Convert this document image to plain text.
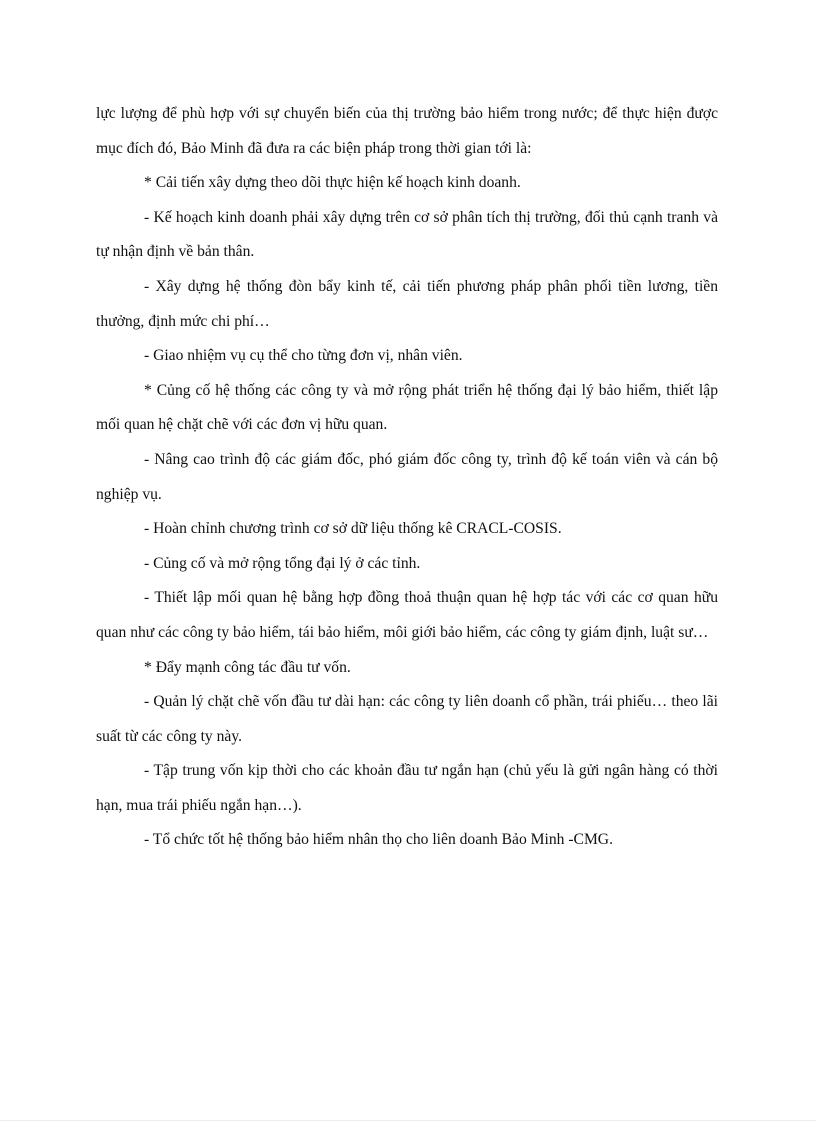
lực lượng để phù hợp với sự chuyển biến của thị trường bảo hiểm trong nước; để thực hiện được mục đích đó, Bảo Minh đã đưa ra các biện pháp trong thời gian tới là:

* Cải tiến xây dựng theo dõi thực hiện kế hoạch kinh doanh.

- Kế hoạch kinh doanh phải xây dựng trên cơ sở phân tích thị trường, đối thủ cạnh tranh và tự nhận định về bản thân.

- Xây dựng hệ thống đòn bẩy kinh tế, cải tiến phương pháp phân phối tiền lương, tiền thưởng, định mức chi phí…

- Giao nhiệm vụ cụ thể cho từng đơn vị, nhân viên.

* Củng cố hệ thống các công ty và mở rộng phát triển hệ thống đại lý bảo hiểm, thiết lập mối quan hệ chặt chẽ với các đơn vị hữu quan.

- Nâng cao trình độ các giám đốc, phó giám đốc công ty, trình độ kế toán viên và cán bộ nghiệp vụ.

- Hoàn chỉnh chương trình cơ sở dữ liệu thống kê CRACL-COSIS.

- Củng cố và mở rộng tổng đại lý ở các tỉnh.

- Thiết lập mối quan hệ bằng hợp đồng thoả thuận quan hệ hợp tác với các cơ quan hữu quan như các công ty bảo hiểm, tái bảo hiểm, môi giới bảo hiểm, các công ty giám định, luật sư…

* Đẩy mạnh công tác đầu tư vốn.

- Quản lý chặt chẽ vốn đầu tư dài hạn: các công ty liên doanh cổ phần, trái phiếu… theo lãi suất từ các công ty này.

- Tập trung vốn kịp thời cho các khoản đầu tư ngắn hạn (chủ yếu là gửi ngân hàng có thời hạn, mua trái phiếu ngắn hạn…).

- Tổ chức tốt hệ thống bảo hiểm nhân thọ cho liên doanh Bảo Minh -CMG.
